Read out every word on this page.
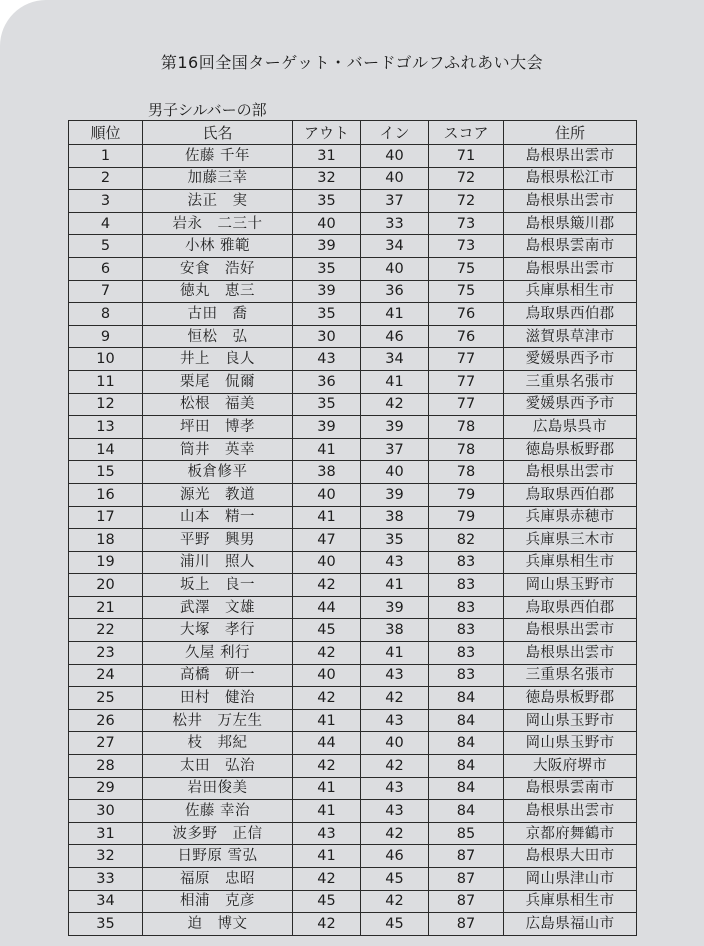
第16回全国ターゲット・バードゴルフふれあい大会
男子シルバーの部
順位	氏名	アウト	イン	スコア	住所
1	佐藤 千年	31	40	71	島根県出雲市
2	加藤三幸	32	40	72	島根県松江市
3	法正　実	35	37	72	島根県出雲市
4	岩永　二三十	40	33	73	島根県簸川郡
5	小林 雅範	39	34	73	島根県雲南市
6	安食　浩好	35	40	75	島根県出雲市
7	徳丸　恵三	39	36	75	兵庫県相生市
8	古田　喬	35	41	76	鳥取県西伯郡
9	恒松　弘	30	46	76	滋賀県草津市
10	井上　良人	43	34	77	愛媛県西予市
11	栗尾　侃爾	36	41	77	三重県名張市
12	松根　福美	35	42	77	愛媛県西予市
13	坪田　博孝	39	39	78	広島県呉市
14	筒井　英幸	41	37	78	徳島県板野郡
15	板倉修平	38	40	78	島根県出雲市
16	源光　教道	40	39	79	鳥取県西伯郡
17	山本　精一	41	38	79	兵庫県赤穂市
18	平野　興男	47	35	82	兵庫県三木市
19	浦川　照人	40	43	83	兵庫県相生市
20	坂上　良一	42	41	83	岡山県玉野市
21	武澤　文雄	44	39	83	鳥取県西伯郡
22	大塚　孝行	45	38	83	島根県出雲市
23	久屋 利行	42	41	83	島根県出雲市
24	高橋　研一	40	43	83	三重県名張市
25	田村　健治	42	42	84	徳島県板野郡
26	松井　万左生	41	43	84	岡山県玉野市
27	枝　邦紀	44	40	84	岡山県玉野市
28	太田　弘治	42	42	84	大阪府堺市
29	岩田俊美	41	43	84	島根県雲南市
30	佐藤 幸治	41	43	84	島根県出雲市
31	波多野　正信	43	42	85	京都府舞鶴市
32	日野原 雪弘	41	46	87	島根県大田市
33	福原　忠昭	42	45	87	岡山県津山市
34	相浦　克彦	45	42	87	兵庫県相生市
35	迫　博文	42	45	87	広島県福山市
